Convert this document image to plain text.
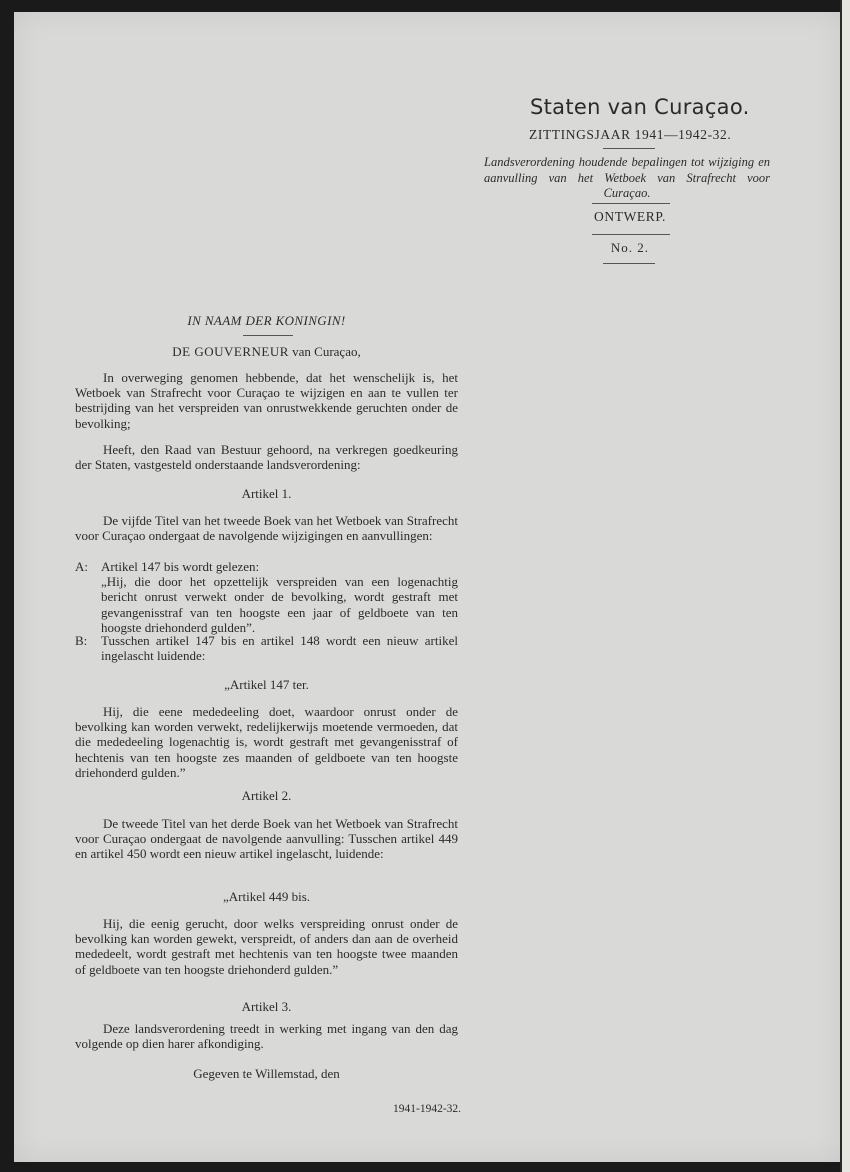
Staten van Curaçao.
ZITTINGSJAAR 1941—1942-32.
Landsverordening houdende bepalingen tot wijziging en aanvulling van het Wetboek van Strafrecht voor Curaçao.
ONTWERP.
No. 2.
IN NAAM DER KONINGIN!
DE GOUVERNEUR van Curaçao,
In overweging genomen hebbende, dat het wenschelijk is, het Wetboek van Strafrecht voor Curaçao te wijzigen en aan te vullen ter bestrijding van het verspreiden van onrustwekkende geruchten onder de bevolking;
Heeft, den Raad van Bestuur gehoord, na verkregen goedkeuring der Staten, vastgesteld onderstaande landsverordening:
Artikel 1.
De vijfde Titel van het tweede Boek van het Wetboek van Strafrecht voor Curaçao ondergaat de navolgende wijzigingen en aanvullingen:
A:	Artikel 147 bis wordt gelezen:
„Hij, die door het opzettelijk verspreiden van een logenachtig bericht onrust verwekt onder de bevolking, wordt gestraft met gevangenisstraf van ten hoogste een jaar of geldboete van ten hoogste driehonderd gulden”.
B:	Tusschen artikel 147 bis en artikel 148 wordt een nieuw artikel ingelascht luidende:
„Artikel 147 ter.
Hij, die eene mededeeling doet, waardoor onrust onder de bevolking kan worden verwekt, redelijkerwijs moetende vermoeden, dat die mededeeling logenachtig is, wordt gestraft met gevangenisstraf of hechtenis van ten hoogste zes maanden of geldboete van ten hoogste driehonderd gulden.”
Artikel 2.
De tweede Titel van het derde Boek van het Wetboek van Strafrecht voor Curaçao ondergaat de navolgende aanvulling: Tusschen artikel 449 en artikel 450 wordt een nieuw artikel ingelascht, luidende:
„Artikel 449 bis.
Hij, die eenig gerucht, door welks verspreiding onrust onder de bevolking kan worden gewekt, verspreidt, of anders dan aan de overheid mededeelt, wordt gestraft met hechtenis van ten hoogste twee maanden of geldboete van ten hoogste driehonderd gulden.”
Artikel 3.
Deze landsverordening treedt in werking met ingang van den dag volgende op dien harer afkondiging.
Gegeven te Willemstad, den
1941-1942-32.
